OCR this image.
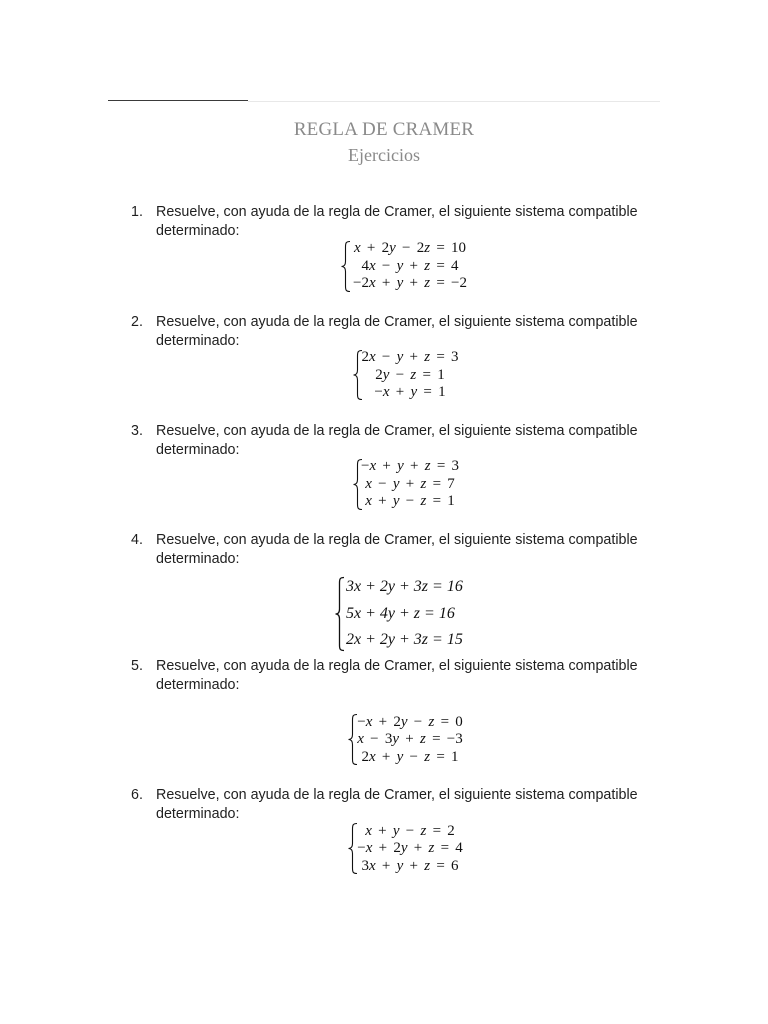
REGLA DE CRAMER
Ejercicios
1. Resuelve, con ayuda de la regla de Cramer, el siguiente sistema compatible
determinado:
x + 2y − 2z = 10
4x − y + z = 4
−2x + y + z = −2
2. Resuelve, con ayuda de la regla de Cramer, el siguiente sistema compatible
determinado:
2x − y + z = 3
2y − z = 1
−x + y = 1
3. Resuelve, con ayuda de la regla de Cramer, el siguiente sistema compatible
determinado:
−x + y + z = 3
x − y + z = 7
x + y − z = 1
4. Resuelve, con ayuda de la regla de Cramer, el siguiente sistema compatible
determinado:
3x + 2y + 3z = 16
5x + 4y + z = 16
2x + 2y + 3z = 15
5. Resuelve, con ayuda de la regla de Cramer, el siguiente sistema compatible
determinado:
−x + 2y − z = 0
x − 3y + z = −3
2x + y − z = 1
6. Resuelve, con ayuda de la regla de Cramer, el siguiente sistema compatible
determinado:
x + y − z = 2
−x + 2y + z = 4
3x + y + z = 6
